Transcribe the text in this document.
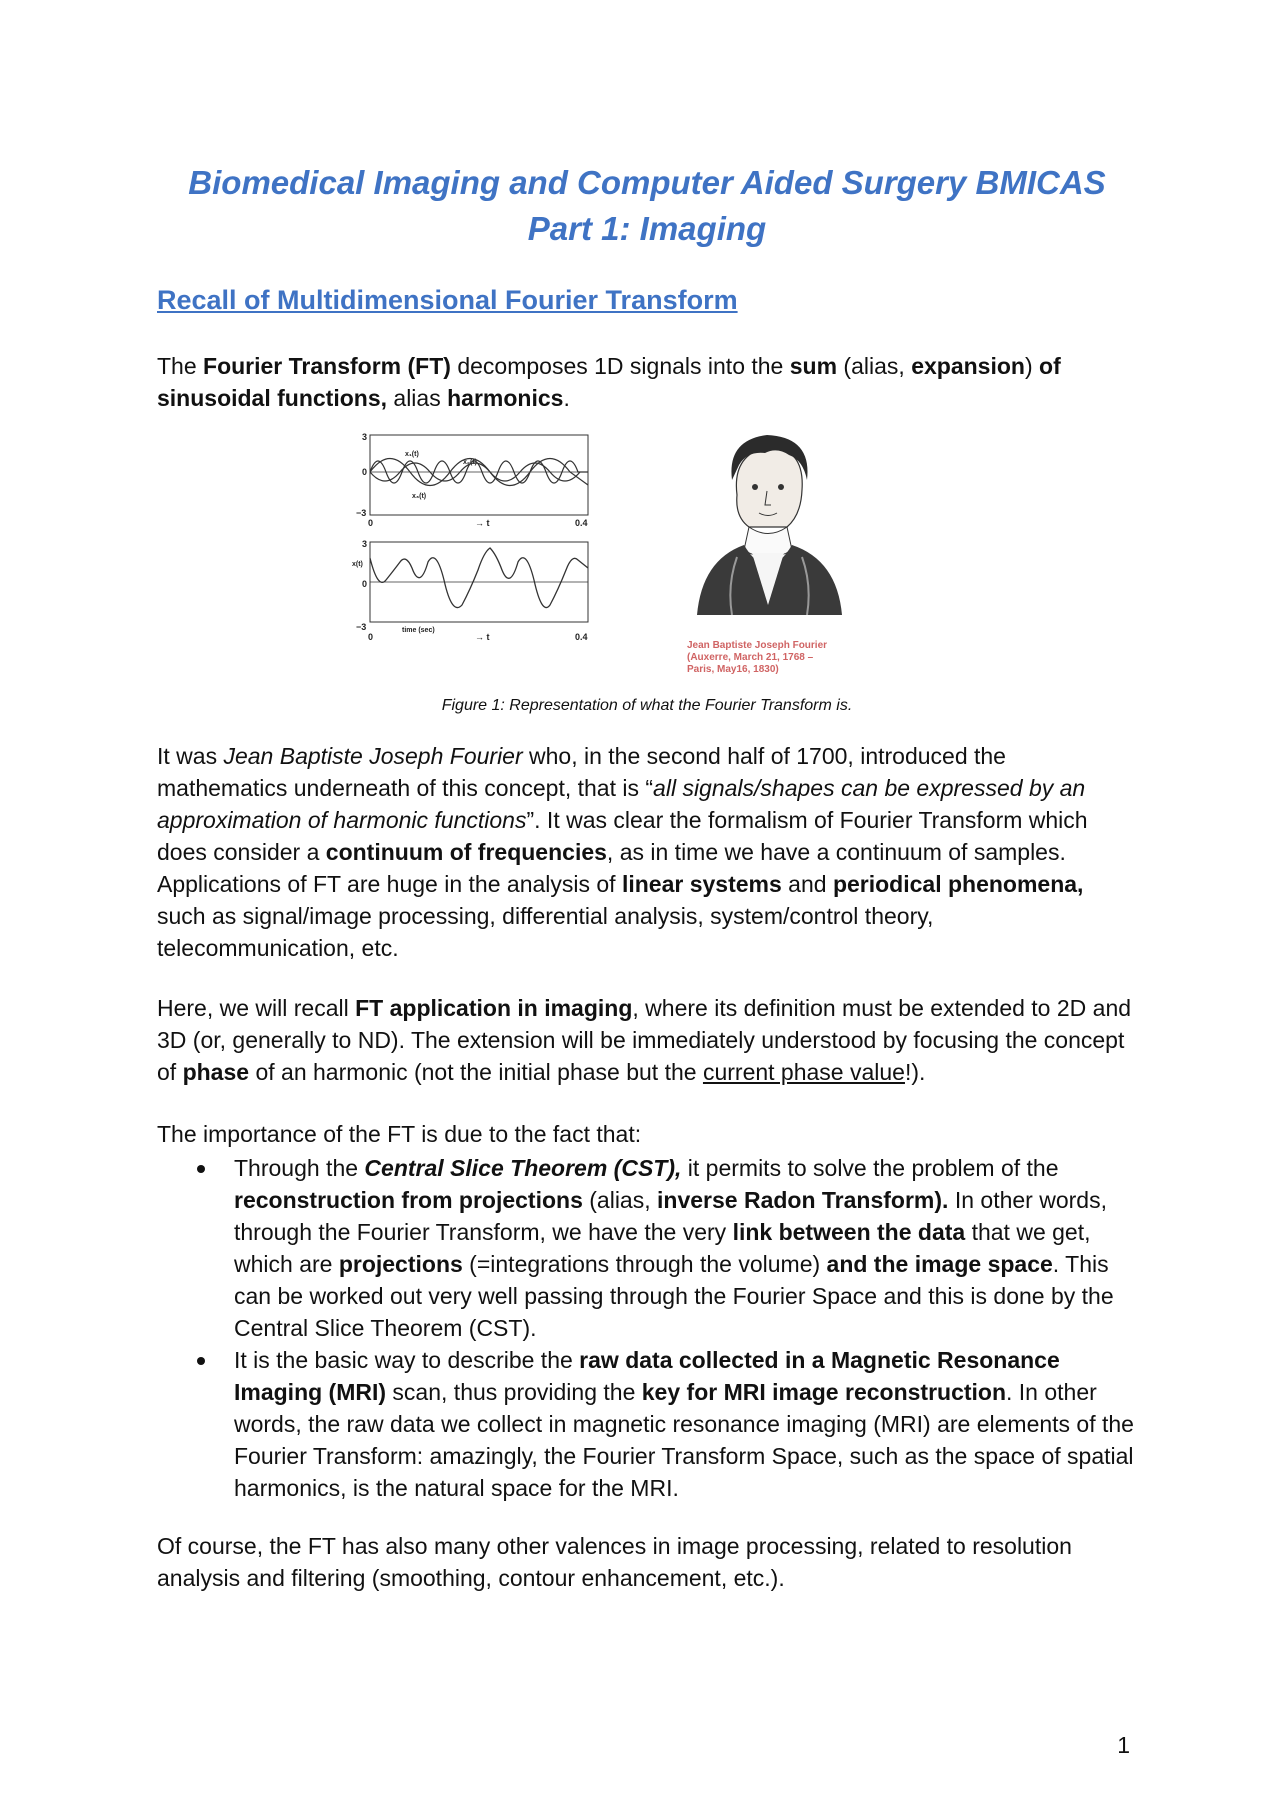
Biomedical Imaging and Computer Aided Surgery BMICAS
Part 1: Imaging
Recall of Multidimensional Fourier Transform

The Fourier Transform (FT) decomposes 1D signals into the sum (alias, expansion) of sinusoidal functions, alias harmonics.

3
0
−3
0	→ t	0.4
x₁(t)
x₂(t)
x₃(t)
3
0
−3
x(t)
0
time (sec)
→ t	0.4
Jean Baptiste Joseph Fourier
(Auxerre, March 21, 1768 –
Paris, May16, 1830)
Figure 1: Representation of what the Fourier Transform is.

It was Jean Baptiste Joseph Fourier who, in the second half of 1700, introduced the mathematics underneath of this concept, that is “all signals/shapes can be expressed by an approximation of harmonic functions”. It was clear the formalism of Fourier Transform which does consider a continuum of frequencies, as in time we have a continuum of samples. Applications of FT are huge in the analysis of linear systems and periodical phenomena, such as signal/image processing, differential analysis, system/control theory, telecommunication, etc.

Here, we will recall FT application in imaging, where its definition must be extended to 2D and 3D (or, generally to ND). The extension will be immediately understood by focusing the concept of phase of an harmonic (not the initial phase but the current phase value!).

The importance of the FT is due to the fact that:

Through the Central Slice Theorem (CST), it permits to solve the problem of the reconstruction from projections (alias, inverse Radon Transform). In other words, through the Fourier Transform, we have the very link between the data that we get, which are projections (=integrations through the volume) and the image space. This can be worked out very well passing through the Fourier Space and this is done by the Central Slice Theorem (CST).
It is the basic way to describe the raw data collected in a Magnetic Resonance Imaging (MRI) scan, thus providing the key for MRI image reconstruction. In other words, the raw data we collect in magnetic resonance imaging (MRI) are elements of the Fourier Transform: amazingly, the Fourier Transform Space, such as the space of spatial harmonics, is the natural space for the MRI.

Of course, the FT has also many other valences in image processing, related to resolution analysis and filtering (smoothing, contour enhancement, etc.).

1
